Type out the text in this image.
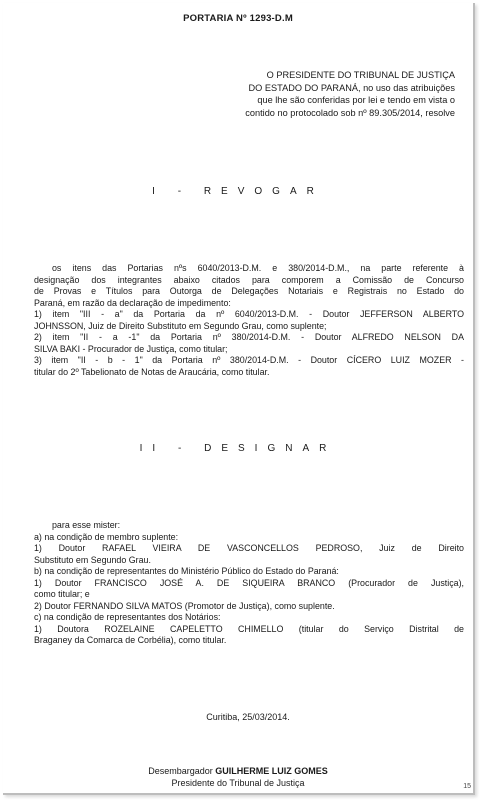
PORTARIA Nº 1293-D.M
O PRESIDENTE DO TRIBUNAL DE JUSTIÇA
DO ESTADO DO PARANÁ, no uso das atribuições
que lhe são conferidas por lei e tendo em vista o
contido no protocolado sob nº 89.305/2014, resolve
I - REVOGAR
os itens das Portarias nºs 6040/2013-D.M. e 380/2014-D.M., na parte referente à
designação dos integrantes abaixo citados para comporem a Comissão de Concurso
de Provas e Títulos para Outorga de Delegações Notariais e Registrais no Estado do
Paraná, em razão da declaração de impedimento:
1) item "III - a" da Portaria da nº 6040/2013-D.M. - Doutor JEFFERSON ALBERTO
JOHNSSON, Juiz de Direito Substituto em Segundo Grau, como suplente;
2) item "II - a -1" da Portaria nº 380/2014-D.M. - Doutor ALFREDO NELSON DA
SILVA BAKI - Procurador de Justiça, como titular;
3) item "II - b - 1" da Portaria nº 380/2014-D.M. - Doutor CÍCERO LUIZ MOZER -
titular do 2º Tabelionato de Notas de Araucária, como titular.
II - DESIGNAR
para esse mister:
a) na condição de membro suplente:
1) Doutor RAFAEL VIEIRA DE VASCONCELLOS PEDROSO, Juiz de Direito
Substituto em Segundo Grau.
b) na condição de representantes do Ministério Público do Estado do Paraná:
1) Doutor FRANCISCO JOSÉ A. DE SIQUEIRA BRANCO (Procurador de Justiça),
como titular; e
2) Doutor FERNANDO SILVA MATOS (Promotor de Justiça), como suplente.
c) na condição de representantes dos Notários:
1) Doutora ROZELAINE CAPELETTO CHIMELLO (titular do Serviço Distrital de
Braganey da Comarca de Corbélia), como titular.
Curitiba, 25/03/2014.
Desembargador GUILHERME LUIZ GOMES
Presidente do Tribunal de Justiça	15
